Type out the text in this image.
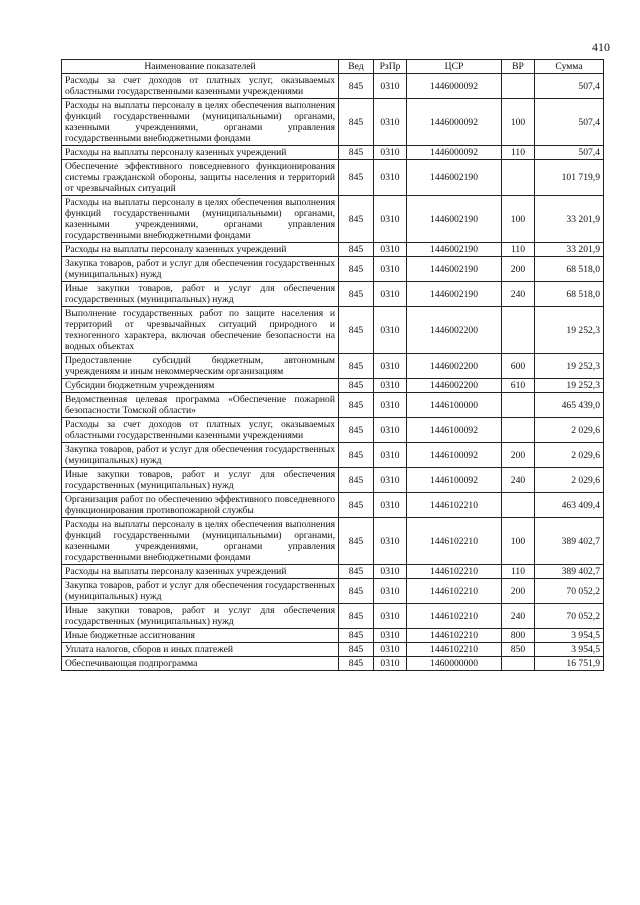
410
Наименование показателей	Вед	РзПр	ЦСР	ВР	Сумма
Расходы за счет доходов от платных услуг, оказываемых областными государственными казенными учреждениями	845	0310	1446000092		507,4
Расходы на выплаты персоналу в целях обеспечения выполнения функций государственными (муниципальными) органами, казенными учреждениями, органами управления государственными внебюджетными фондами	845	0310	1446000092	100	507,4
Расходы на выплаты персоналу казенных учреждений	845	0310	1446000092	110	507,4
Обеспечение эффективного повседневного функционирования системы гражданской обороны, защиты населения и территорий от чрезвычайных ситуаций	845	0310	1446002190		101 719,9
Расходы на выплаты персоналу в целях обеспечения выполнения функций государственными (муниципальными) органами, казенными учреждениями, органами управления государственными внебюджетными фондами	845	0310	1446002190	100	33 201,9
Расходы на выплаты персоналу казенных учреждений	845	0310	1446002190	110	33 201,9
Закупка товаров, работ и услуг для обеспечения государственных (муниципальных) нужд	845	0310	1446002190	200	68 518,0
Иные закупки товаров, работ и услуг для обеспечения государственных (муниципальных) нужд	845	0310	1446002190	240	68 518,0
Выполнение государственных работ по защите населения и территорий от чрезвычайных ситуаций природного и техногенного характера, включая обеспечение безопасности на водных объектах	845	0310	1446002200		19 252,3
Предоставление субсидий бюджетным, автономным учреждениям и иным некоммерческим организациям	845	0310	1446002200	600	19 252,3
Субсидии бюджетным учреждениям	845	0310	1446002200	610	19 252,3
Ведомственная целевая программа «Обеспечение пожарной безопасности Томской области»	845	0310	1446100000		465 439,0
Расходы за счет доходов от платных услуг, оказываемых областными государственными казенными учреждениями	845	0310	1446100092		2 029,6
Закупка товаров, работ и услуг для обеспечения государственных (муниципальных) нужд	845	0310	1446100092	200	2 029,6
Иные закупки товаров, работ и услуг для обеспечения государственных (муниципальных) нужд	845	0310	1446100092	240	2 029,6
Организация работ по обеспечению эффективного повседневного функционирования противопожарной службы	845	0310	1446102210		463 409,4
Расходы на выплаты персоналу в целях обеспечения выполнения функций государственными (муниципальными) органами, казенными учреждениями, органами управления государственными внебюджетными фондами	845	0310	1446102210	100	389 402,7
Расходы на выплаты персоналу казенных учреждений	845	0310	1446102210	110	389 402,7
Закупка товаров, работ и услуг для обеспечения государственных (муниципальных) нужд	845	0310	1446102210	200	70 052,2
Иные закупки товаров, работ и услуг для обеспечения государственных (муниципальных) нужд	845	0310	1446102210	240	70 052,2
Иные бюджетные ассигнования	845	0310	1446102210	800	3 954,5
Уплата налогов, сборов и иных платежей	845	0310	1446102210	850	3 954,5
Обеспечивающая подпрограмма	845	0310	1460000000		16 751,9
